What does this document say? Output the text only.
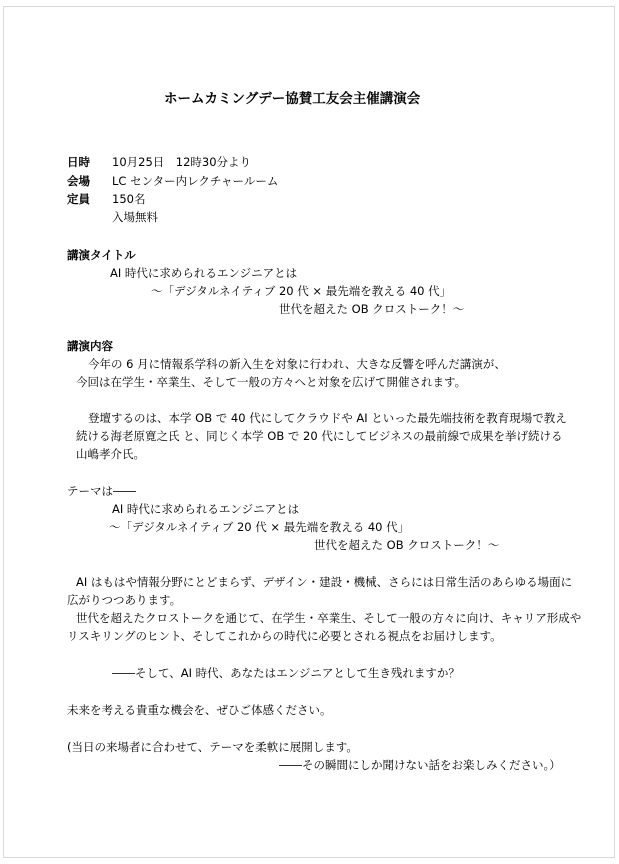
ホームカミングデー協賛工友会主催講演会
日時 10月25日　12時30分より
会場 LC センター内レクチャールーム
定員 150名
入場無料
講演タイトル
AI 時代に求められるエンジニアとは
～「デジタルネイティブ 20 代 × 最先端を教える 40 代」
世代を超えた OB クロストーク！～
講演内容
今年の 6 月に情報系学科の新入生を対象に行われ、大きな反響を呼んだ講演が、
今回は在学生・卒業生、そして一般の方々へと対象を広げて開催されます。
登壇するのは、本学 OB で 40 代にしてクラウドや AI といった最先端技術を教育現場で教え
続ける海老原寛之氏 と、同じく本学 OB で 20 代にしてビジネスの最前線で成果を挙げ続ける
山嶋孝介氏。
テーマは――
AI 時代に求められるエンジニアとは
～「デジタルネイティブ 20 代 × 最先端を教える 40 代」
世代を超えた OB クロストーク！～
AI はもはや情報分野にとどまらず、デザイン・建設・機械、さらには日常生活のあらゆる場面に
広がりつつあります。
世代を超えたクロストークを通じて、在学生・卒業生、そして一般の方々に向け、キャリア形成や
リスキリングのヒント、そしてこれからの時代に必要とされる視点をお届けします。
――そして、AI 時代、あなたはエンジニアとして生き残れますか？
未来を考える貴重な機会を、ぜひご体感ください。
(当日の来場者に合わせて、テーマを柔軟に展開します。
――その瞬間にしか聞けない話をお楽しみください。）
